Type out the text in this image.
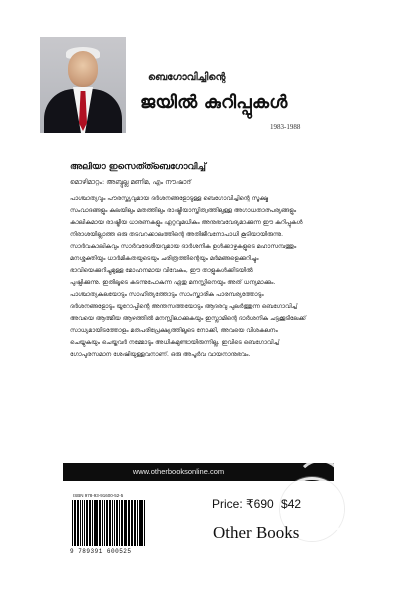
ബെഗോവിച്ചിന്റെ
ജയിൽ കുറിപ്പുകൾ
1983-1988
അലിയാ ഇസെത്ത്ബെഗോവിച്ച്
മൊഴിമാറ്റം: അബ്ദുല്ല മണിമ, എം നൗഷാദ്

പാശ്ചാത്യവും പൗരസ്ത്യവുമായ ദർശനങ്ങളോടുള്ള ബെഗോവിച്ചിന്റെ സൂക്ഷ്മ

സംവാദങ്ങളും കലയിലും മതത്തിലും രാഷ്ട്രീയാസ്തിത്വത്തിലുള്ള അഗാധതാത്പര്യങ്ങളും

കാലികമായ രാഷ്ട്രീയ ധാരണകളും ഏറ്റവുമധികം അനുഭവവേദ്യമാക്കുന്ന ഈ കുറിപ്പുകൾ

നിരാശയില്ലാത്ത ഒരു തടവറക്കാലത്തിന്റെ അതിജീവനോപാധി കൂടിയായിരുന്നു.

സാർവകാലികവും സാർവദേശീയവുമായ ദാർശനിക ഉൾക്കാഴ്ചകളുടെ മഹാസമ്പത്തും

മനശ്ശക്തിയും ധാർമികതയുടെയും ചരിത്രത്തിന്റെയും മർമങ്ങളെക്കുറിച്ചും

ഭാവിയെക്കുറിച്ചുമുള്ള മോഹനമായ വിവേകം, ഈ താളുകൾക്കിടയിൽ

പുഷ്പിക്കുന്നു. ഇതിലൂടെ കടന്നുപോകുന്ന ഏതു മനസ്സിനെയും അത് ധന്യമാക്കും.

പാശ്ചാത്യകലയോടും സാഹിത്യത്തോടും സാംസ്കാരിക പാരമ്പര്യത്തോടും

ദർശനങ്ങളോടും യൂറോപ്പിന്റെ അന്തസത്തയോടും ആദരവു പുലർത്തുന്ന ബെഗോവിച്ച്

അവയെ ആത്മീയ ആഴത്തിൽ മനസ്സിലാക്കുകയും ഇസ്ലാമിന്റെ ദാർശനിക ചട്ടക്കൂടിലേക്ക്

സാധ്യമായിടത്തോളം മതപരിപ്രേക്ഷ്യത്തിലൂടെ നോക്കി, അവയെ വിശകലനം

ചെയ്യുകയും ചെയ്തവർ നമ്മോടും അധികമുണ്ടായിരുന്നില്ല. ഇവിടെ ബെഗോവിച്ച്

ഗോപുരസമാന ശേഷിയുള്ളവനാണ്. ഒരു അപൂർവ വായനാനുഭവം.

www.otherbooksonline.com
ISBN 978-93-91600-52-5
9 789391 600525
Price: ₹690 $42
Other Books
